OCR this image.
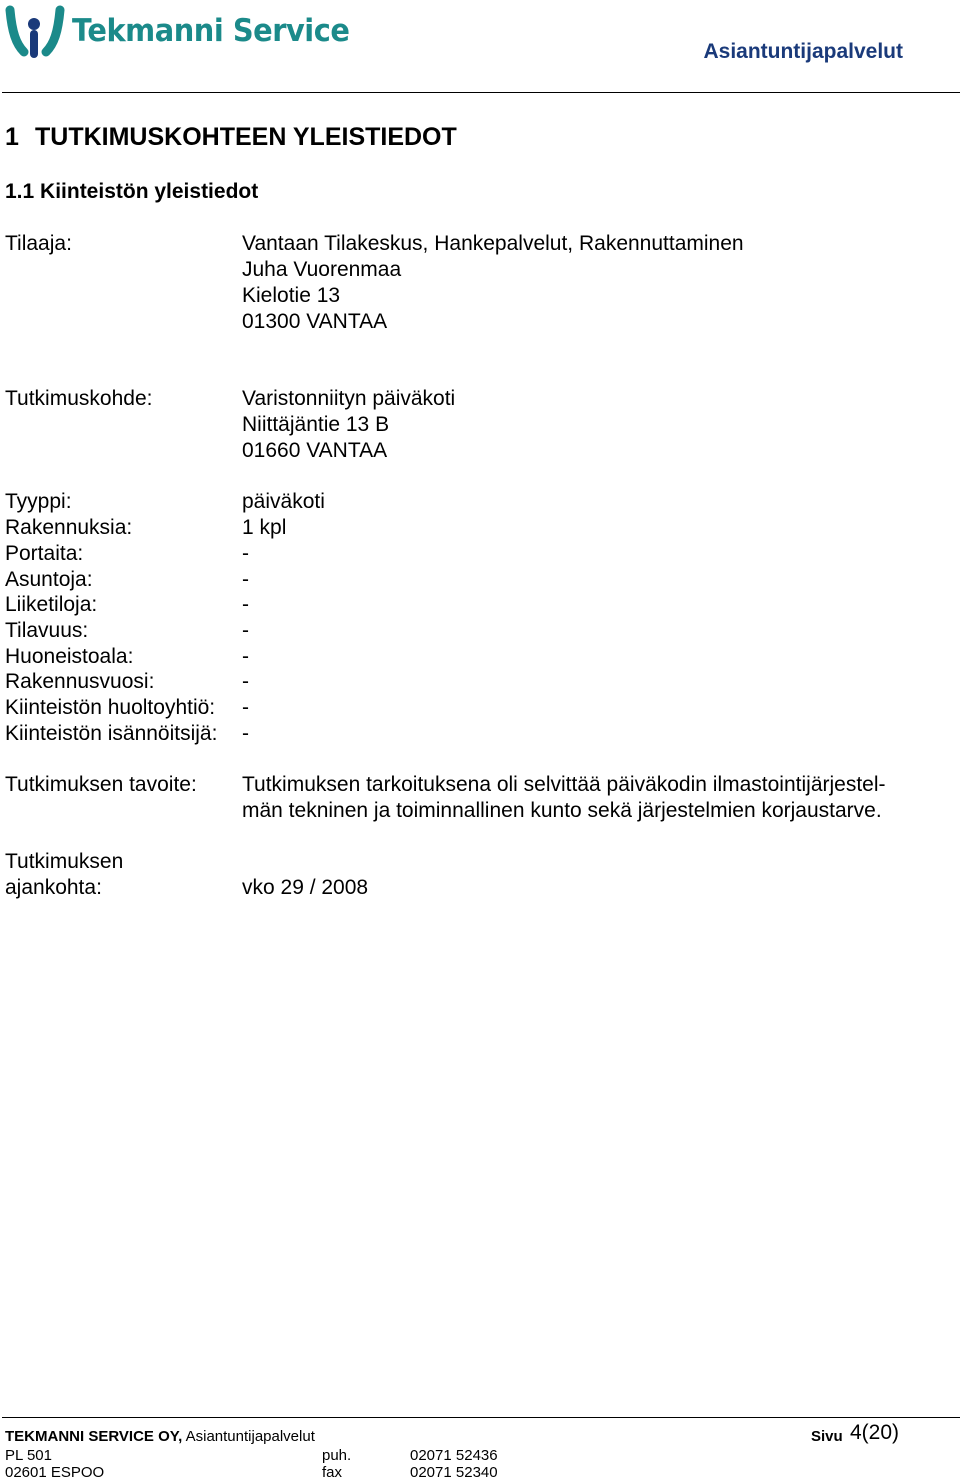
Tekmanni Service
Asiantuntijapalvelut
1 TUTKIMUSKOHTEEN YLEISTIEDOT
1.1 Kiinteistön yleistiedot
Tilaaja:	Vantaan Tilakeskus, Hankepalvelut, Rakennuttaminen
Juha Vuorenmaa
Kielotie 13
01300 VANTAA
Tutkimuskohde:	Varistonniityn päiväkoti
Niittäjäntie 13 B
01660 VANTAA
Tyyppi:	päiväkoti
Rakennuksia:	1 kpl
Portaita:	-
Asuntoja:	-
Liiketiloja:	-
Tilavuus:	-
Huoneistoala:	-
Rakennusvuosi:	-
Kiinteistön huoltoyhtiö: -
Kiinteistön isännöitsijä: -
Tutkimuksen tavoite: Tutkimuksen tarkoituksena oli selvittää päiväkodin ilmastointijärjestel-
män tekninen ja toiminnallinen kunto sekä järjestelmien korjaustarve.
Tutkimuksen
ajankohta:	vko 29 / 2008
TEKMANNI SERVICE OY, Asiantuntijapalvelut
PL 501
02601 ESPOO
puh.	02071 52436
fax	02071 52340
Sivu 4(20)
